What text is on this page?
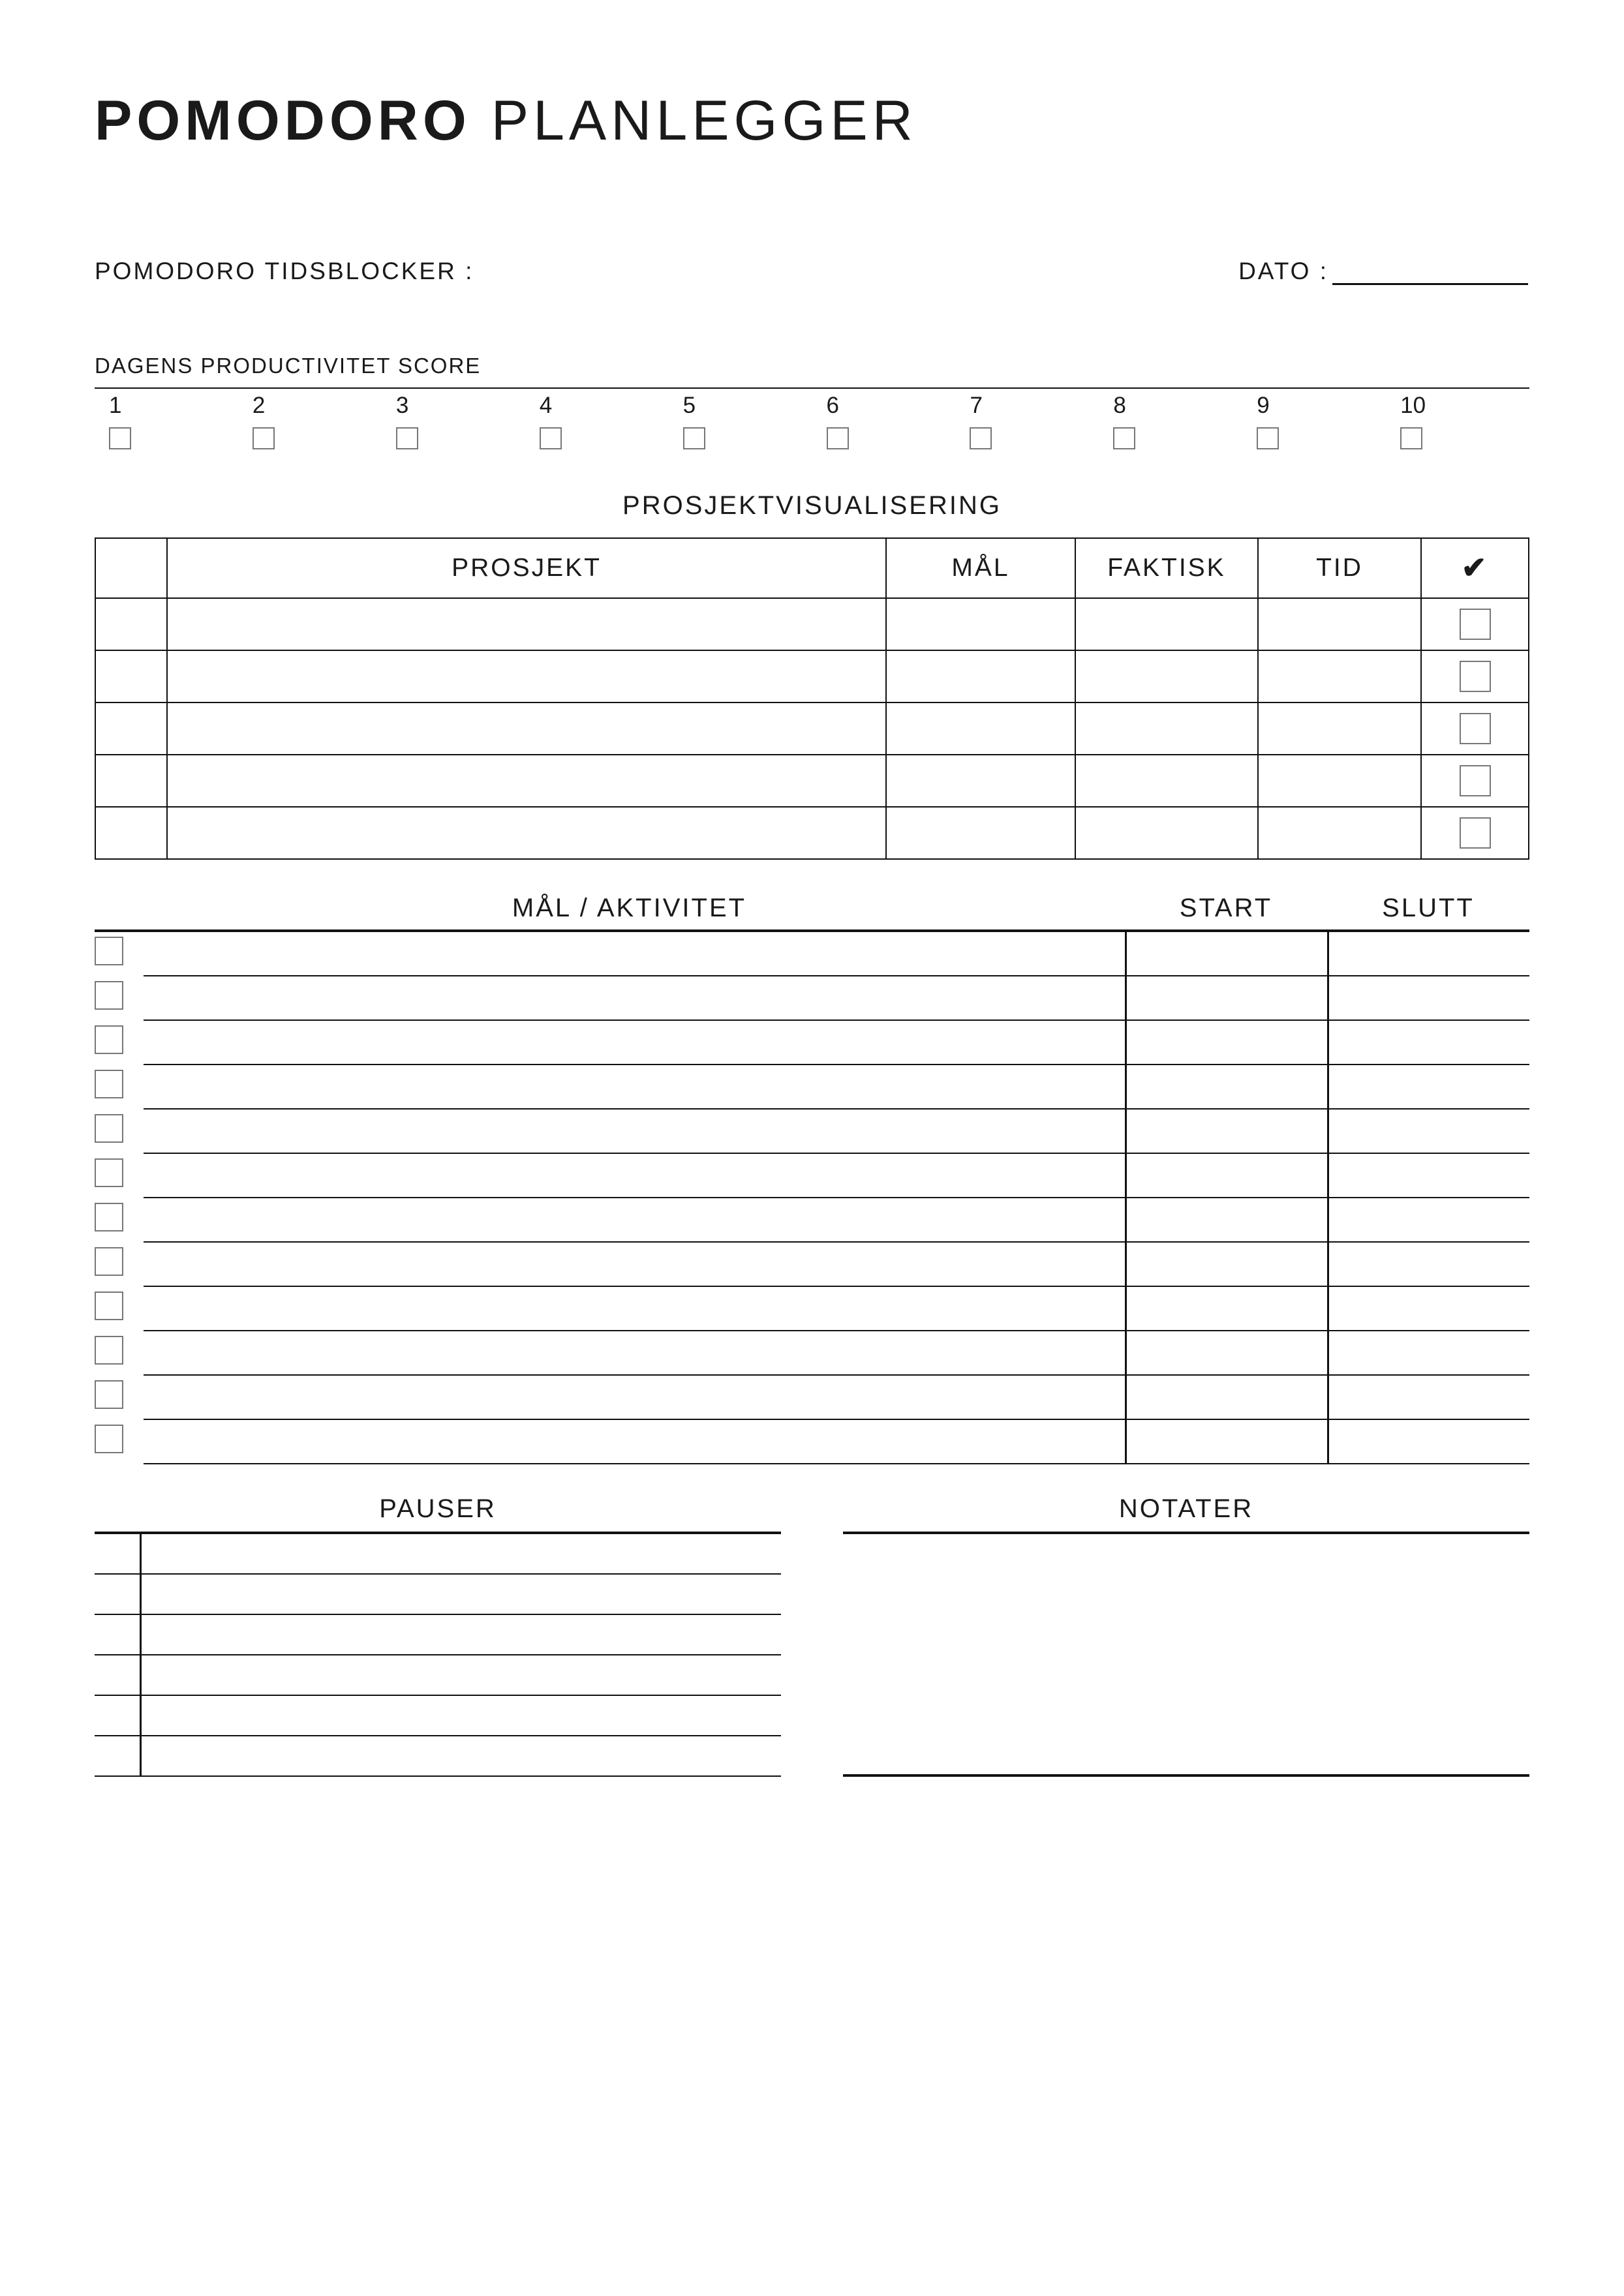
POMODORO PLANLEGGER
POMODORO TIDSBLOCKER :	DATO :
DAGENS PRODUCTIVITET SCORE
1	2	3	4	5	6	7	8	9	10
PROSJEKTVISUALISERING
	PROSJEKT	MÅL	FAKTISK	TID	✔

MÅL / AKTIVITET	START	SLUTT
PAUSER	NOTATER
